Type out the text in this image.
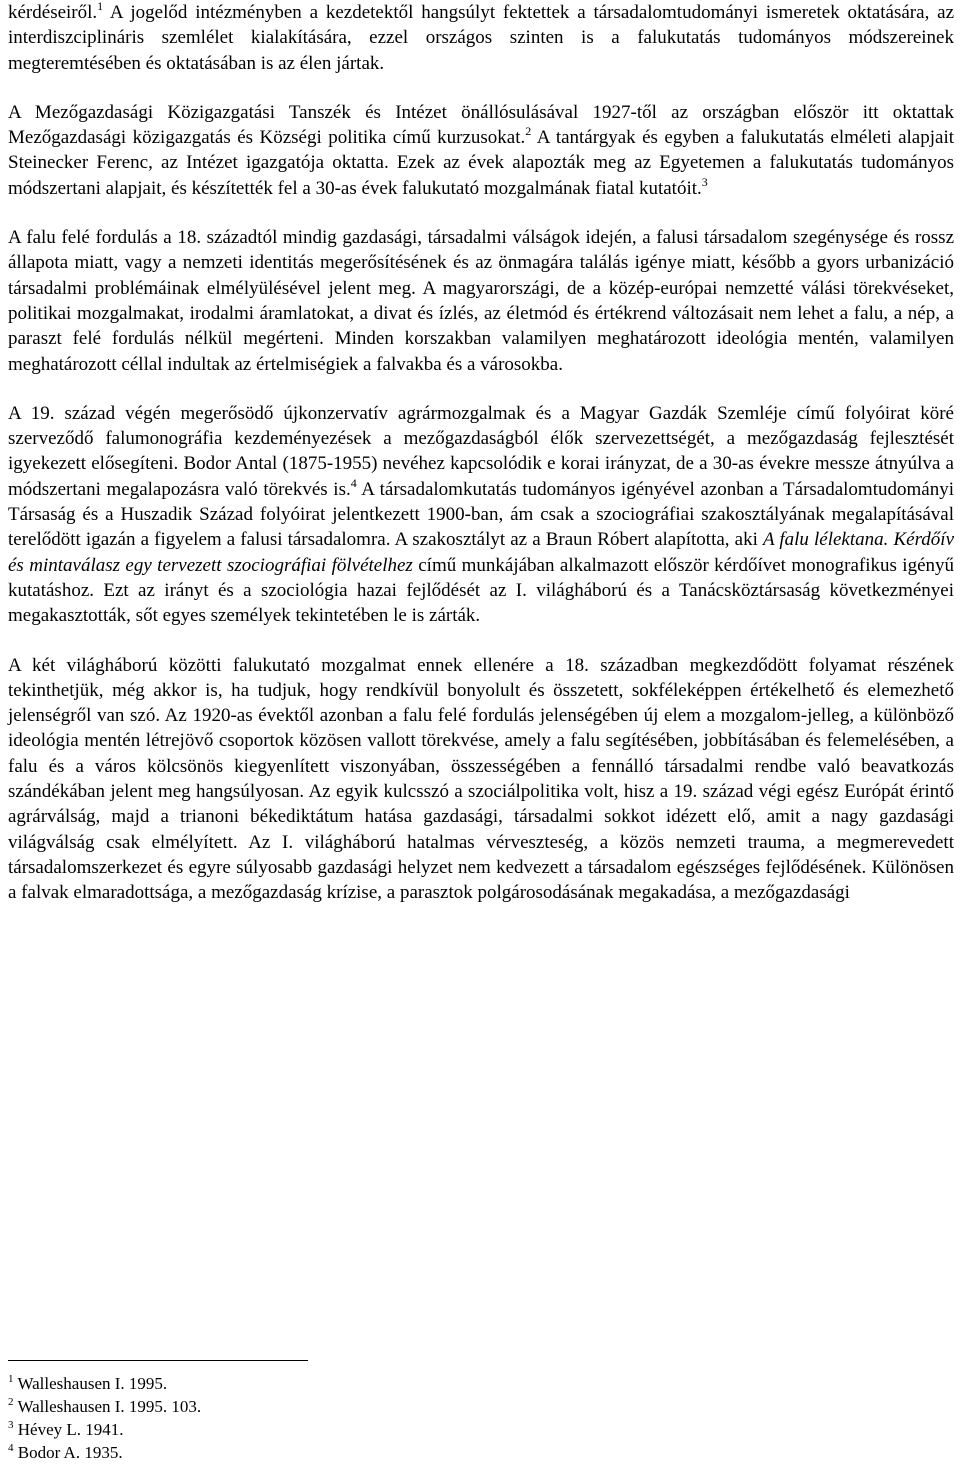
kérdéseiről.$^1$ A jogelőd intézményben a kezdetektől hangsúlyt fektettek a társadalomtudományi ismeretek oktatására, az interdiszciplináris szemlélet kialakítására, ezzel országos szinten is a falukutatás tudományos módszereinek megteremtésében és oktatásában is az élen jártak.

A Mezőgazdasági Közigazgatási Tanszék és Intézet önállósulásával 1927-től az országban először itt oktattak Mezőgazdasági közigazgatás és Községi politika című kurzusokat.$^2$ A tantárgyak és egyben a falukutatás elméleti alapjait Steinecker Ferenc, az Intézet igazgatója oktatta. Ezek az évek alapozták meg az Egyetemen a falukutatás tudományos módszertani alapjait, és készítették fel a 30-as évek falukutató mozgalmának fiatal kutatóit.$^3$

A falu felé fordulás a 18. századtól mindig gazdasági, társadalmi válságok idején, a falusi társadalom szegénysége és rossz állapota miatt, vagy a nemzeti identitás megerősítésének és az önmagára találás igénye miatt, később a gyors urbanizáció társadalmi problémáinak elmélyülésével jelent meg. A magyarországi, de a közép-európai nemzetté válási törekvéseket, politikai mozgalmakat, irodalmi áramlatokat, a divat és ízlés, az életmód és értékrend változásait nem lehet a falu, a nép, a paraszt felé fordulás nélkül megérteni. Minden korszakban valamilyen meghatározott ideológia mentén, valamilyen meghatározott céllal indultak az értelmiségiek a falvakba és a városokba.

A 19. század végén megerősödő újkonzervatív agrármozgalmak és a Magyar Gazdák Szemléje című folyóirat köré szerveződő falumonográfia kezdeményezések a mezőgazdaságból élők szervezettségét, a mezőgazdaság fejlesztését igyekezett elősegíteni. Bodor Antal (1875-1955) nevéhez kapcsolódik e korai irányzat, de a 30-as évekre messze átnyúlva a módszertani megalapozásra való törekvés is.$^4$ A társadalomkutatás tudományos igényével azonban a Társadalomtudományi Társaság és a Huszadik Század folyóirat jelentkezett 1900-ban, ám csak a szociográfiai szakosztályának megalapításával terelődött igazán a figyelem a falusi társadalomra. A szakosztályt az a Braun Róbert alapította, aki A falu lélektana. Kérdőív és mintaválasz egy tervezett szociográfiai fölvételhez című munkájában alkalmazott először kérdőívet monografikus igényű kutatáshoz. Ezt az irányt és a szociológia hazai fejlődését az I. világháború és a Tanácsköztársaság következményei megakasztották, sőt egyes személyek tekintetében le is zárták.

A két világháború közötti falukutató mozgalmat ennek ellenére a 18. században megkezdődött folyamat részének tekinthetjük, még akkor is, ha tudjuk, hogy rendkívül bonyolult és összetett, sokféleképpen értékelhető és elemezhető jelenségről van szó. Az 1920-as évektől azonban a falu felé fordulás jelenségében új elem a mozgalom-jelleg, a különböző ideológia mentén létrejövő csoportok közösen vallott törekvése, amely a falu segítésében, jobbításában és felemelésében, a falu és a város kölcsönös kiegyenlített viszonyában, összességében a fennálló társadalmi rendbe való beavatkozás szándékában jelent meg hangsúlyosan. Az egyik kulcsszó a szociálpolitika volt, hisz a 19. század végi egész Európát érintő agrárválság, majd a trianoni békediktátum hatása gazdasági, társadalmi sokkot idézett elő, amit a nagy gazdasági világválság csak elmélyített. Az I. világháború hatalmas vérveszteség, a közös nemzeti trauma, a megmerevedett társadalomszerkezet és egyre súlyosabb gazdasági helyzet nem kedvezett a társadalom egészséges fejlődésének. Különösen a falvak elmaradottsága, a mezőgazdaság krízise, a parasztok polgárosodásának megakadása, a mezőgazdasági

$^1$ Walleshausen I. 1995.

$^2$ Walleshausen I. 1995. 103.

$^3$ Hévey L. 1941.

$^4$ Bodor A. 1935.
